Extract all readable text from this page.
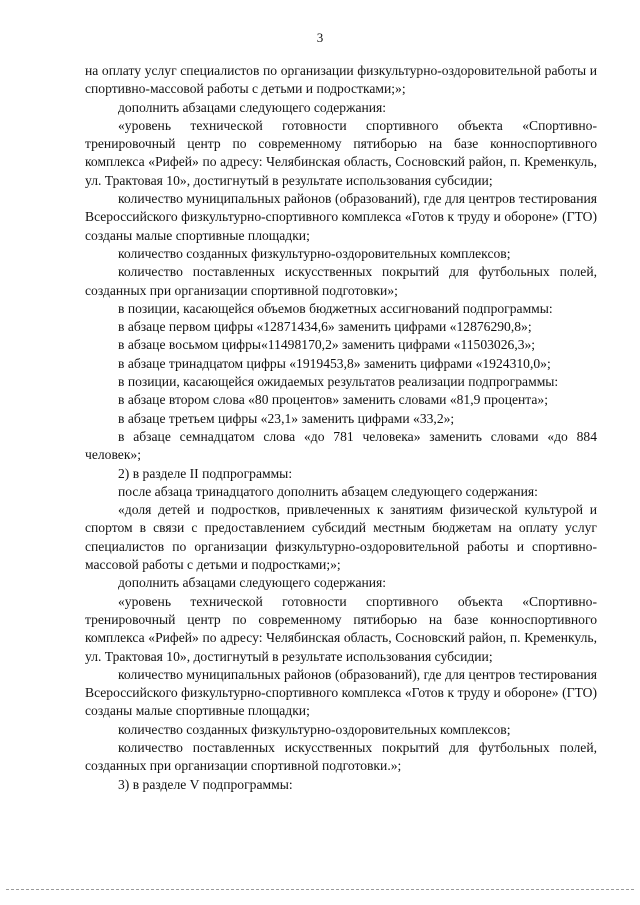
3

на оплату услуг специалистов по организации физкультурно-оздоровительной работы и спортивно-массовой работы с детьми и подростками;»;

дополнить абзацами следующего содержания:

«уровень технической готовности спортивного объекта «Спортивно-тренировочный центр по современному пятиборью на базе конноспортивного комплекса «Рифей» по адресу: Челябинская область, Сосновский район, п. Кременкуль, ул. Трактовая 10», достигнутый в результате использования субсидии;

количество муниципальных районов (образований), где для центров тестирования Всероссийского физкультурно-спортивного комплекса «Готов к труду и обороне» (ГТО) созданы малые спортивные площадки;

количество созданных физкультурно-оздоровительных комплексов;

количество поставленных искусственных покрытий для футбольных полей, созданных при организации спортивной подготовки»;

в позиции, касающейся объемов бюджетных ассигнований подпрограммы:

в абзаце первом цифры «12871434,6» заменить цифрами «12876290,8»;

в абзаце восьмом цифры«11498170,2» заменить цифрами «11503026,3»;

в абзаце тринадцатом цифры «1919453,8» заменить цифрами «1924310,0»;

в позиции, касающейся ожидаемых результатов реализации подпрограммы:

в абзаце втором слова «80 процентов» заменить словами «81,9 процента»;

в абзаце третьем цифры «23,1» заменить цифрами «33,2»;

в абзаце семнадцатом слова «до 781 человека» заменить словами «до 884 человек»;

2) в разделе II подпрограммы:

после абзаца тринадцатого дополнить абзацем следующего содержания:

«доля детей и подростков, привлеченных к занятиям физической культурой и спортом в связи с предоставлением субсидий местным бюджетам на оплату услуг специалистов по организации физкультурно-оздоровительной работы и спортивно-массовой работы с детьми и подростками;»;

дополнить абзацами следующего содержания:

«уровень технической готовности спортивного объекта «Спортивно-тренировочный центр по современному пятиборью на базе конноспортивного комплекса «Рифей» по адресу: Челябинская область, Сосновский район, п. Кременкуль, ул. Трактовая 10», достигнутый в результате использования субсидии;

количество муниципальных районов (образований), где для центров тестирования Всероссийского физкультурно-спортивного комплекса «Готов к труду и обороне» (ГТО) созданы малые спортивные площадки;

количество созданных физкультурно-оздоровительных комплексов;

количество поставленных искусственных покрытий для футбольных полей, созданных при организации спортивной подготовки.»;

3) в разделе V подпрограммы:
